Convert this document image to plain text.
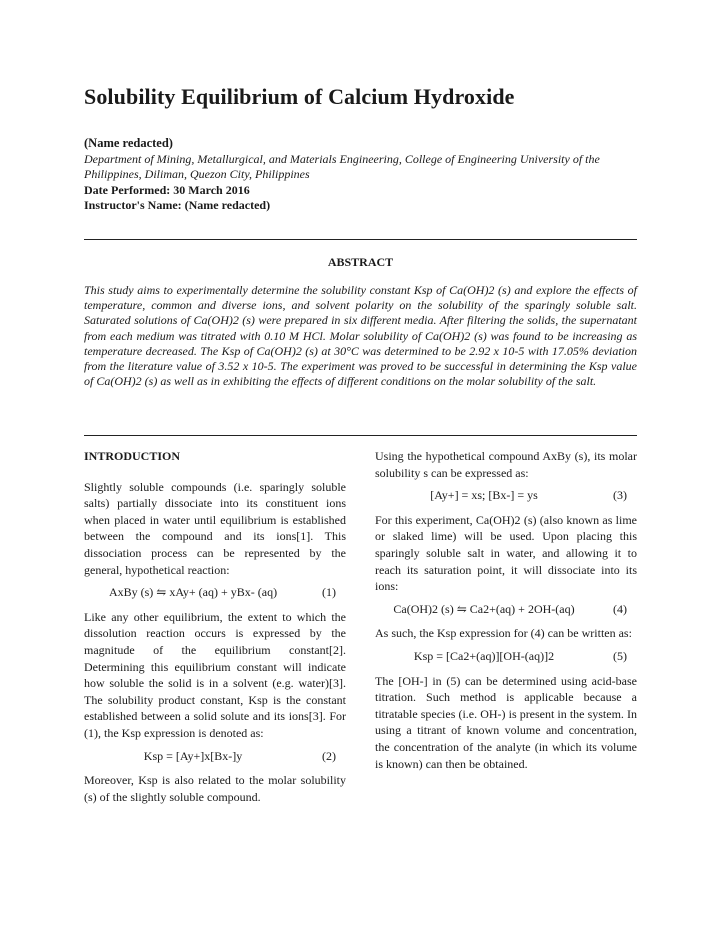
Solubility Equilibrium of Calcium Hydroxide
(Name redacted)
Department of Mining, Metallurgical, and Materials Engineering, College of Engineering University of the Philippines, Diliman, Quezon City, Philippines
Date Performed: 30 March 2016
Instructor's Name: (Name redacted)
ABSTRACT

This study aims to experimentally determine the solubility constant Ksp of Ca(OH)2 (s) and explore the effects of temperature, common and diverse ions, and solvent polarity on the solubility of the sparingly soluble salt. Saturated solutions of Ca(OH)2 (s) were prepared in six different media. After filtering the solids, the supernatant from each medium was titrated with 0.10 M HCl. Molar solubility of Ca(OH)2 (s) was found to be increasing as temperature decreased. The Ksp of Ca(OH)2 (s) at 30°C was determined to be 2.92 x 10-5 with 17.05% deviation from the literature value of 3.52 x 10-5. The experiment was proved to be successful in determining the Ksp value of Ca(OH)2 (s) as well as in exhibiting the effects of different conditions on the molar solubility of the salt.

INTRODUCTION

Slightly soluble compounds (i.e. sparingly soluble salts) partially dissociate into its constituent ions when placed in water until equilibrium is established between the compound and its ions[1]. This dissociation process can be represented by the general, hypothetical reaction:

AxBy (s) ⇋ xAy+ (aq) + yBx- (aq)	(1)

Like any other equilibrium, the extent to which the dissolution reaction occurs is expressed by the magnitude of the equilibrium constant[2]. Determining this equilibrium constant will indicate how soluble the solid is in a solvent (e.g. water)[3]. The solubility product constant, Ksp is the constant established between a solid solute and its ions[3]. For (1), the Ksp expression is denoted as:

Ksp = [Ay+]x[Bx-]y	(2)

Moreover, Ksp is also related to the molar solubility (s) of the slightly soluble compound.

Using the hypothetical compound AxBy (s), its molar solubility s can be expressed as:

[Ay+] = xs; [Bx-] = ys	(3)

For this experiment, Ca(OH)2 (s) (also known as lime or slaked lime) will be used. Upon placing this sparingly soluble salt in water, and allowing it to reach its saturation point, it will dissociate into its ions:

Ca(OH)2 (s) ⇋ Ca2+(aq) + 2OH-(aq)	(4)

As such, the Ksp expression for (4) can be written as:

Ksp = [Ca2+(aq)][OH-(aq)]2	(5)

The [OH-] in (5) can be determined using acid-base titration. Such method is applicable because a titratable species (i.e. OH-) is present in the system. In using a titrant of known volume and concentration, the concentration of the analyte (in which its volume is known) can then be obtained.
